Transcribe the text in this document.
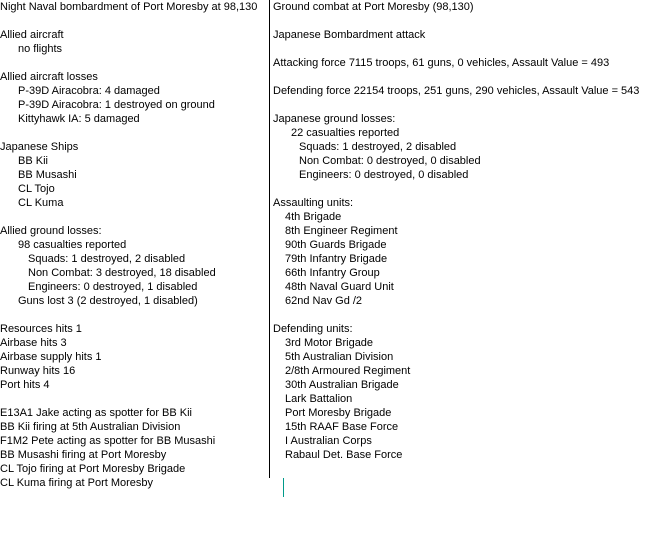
Night Naval bombardment of Port Moresby at 98,130
Allied aircraft
no flights
Allied aircraft losses
P-39D Airacobra: 4 damaged
P-39D Airacobra: 1 destroyed on ground
Kittyhawk IA: 5 damaged
Japanese Ships
BB Kii
BB Musashi
CL Tojo
CL Kuma
Allied ground losses:
98 casualties reported
Squads: 1 destroyed, 2 disabled
Non Combat: 3 destroyed, 18 disabled
Engineers: 0 destroyed, 1 disabled
Guns lost 3 (2 destroyed, 1 disabled)
Resources hits 1
Airbase hits 3
Airbase supply hits 1
Runway hits 16
Port hits 4
E13A1 Jake acting as spotter for BB Kii
BB Kii firing at 5th Australian Division
F1M2 Pete acting as spotter for BB Musashi
BB Musashi firing at Port Moresby
CL Tojo firing at Port Moresby Brigade
CL Kuma firing at Port Moresby
Ground combat at Port Moresby (98,130)
Japanese Bombardment attack
Attacking force 7115 troops, 61 guns, 0 vehicles, Assault Value = 493
Defending force 22154 troops, 251 guns, 290 vehicles, Assault Value = 543
Japanese ground losses:
22 casualties reported
Squads: 1 destroyed, 2 disabled
Non Combat: 0 destroyed, 0 disabled
Engineers: 0 destroyed, 0 disabled
Assaulting units:
4th Brigade
8th Engineer Regiment
90th Guards Brigade
79th Infantry Brigade
66th Infantry Group
48th Naval Guard Unit
62nd Nav Gd /2
Defending units:
3rd Motor Brigade
5th Australian Division
2/8th Armoured Regiment
30th Australian Brigade
Lark Battalion
Port Moresby Brigade
15th RAAF Base Force
I Australian Corps
Rabaul Det. Base Force
